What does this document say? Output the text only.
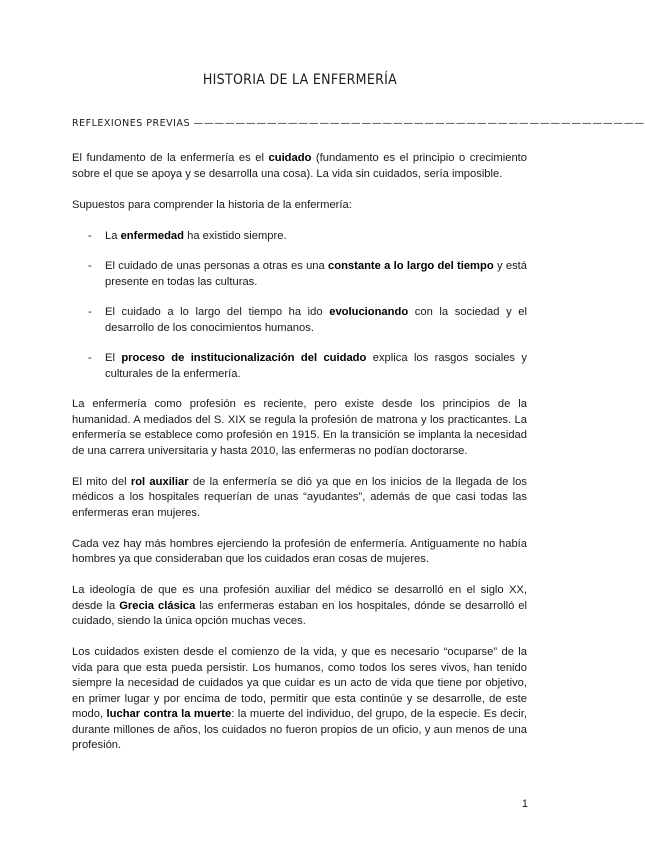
HISTORIA DE LA ENFERMERÍA
REFLEXIONES PREVIAS ———————————————————————————————————————————

El fundamento de la enfermería es el cuidado (fundamento es el principio o crecimiento sobre el que se apoya y se desarrolla una cosa). La vida sin cuidados, sería imposible.

Supuestos para comprender la historia de la enfermería:

- La enfermedad ha existido siempre.
- El cuidado de unas personas a otras es una constante a lo largo del tiempo y está presente en todas las culturas.
- El cuidado a lo largo del tiempo ha ido evolucionando con la sociedad y el desarrollo de los conocimientos humanos.
- El proceso de institucionalización del cuidado explica los rasgos sociales y culturales de la enfermería.

La enfermería como profesión es reciente, pero existe desde los principios de la humanidad. A mediados del S. XIX se regula la profesión de matrona y los practicantes. La enfermería se establece como profesión en 1915. En la transición se implanta la necesidad de una carrera universitaria y hasta 2010, las enfermeras no podían doctorarse.

El mito del rol auxiliar de la enfermería se dió ya que en los inicios de la llegada de los médicos a los hospitales requerían de unas “ayudantes”, además de que casi todas las enfermeras eran mujeres.

Cada vez hay más hombres ejerciendo la profesión de enfermería. Antiguamente no había hombres ya que consideraban que los cuidados eran cosas de mujeres.

La ideología de que es una profesión auxiliar del médico se desarrolló en el siglo XX, desde la Grecia clásica las enfermeras estaban en los hospitales, dónde se desarrolló el cuidado, siendo la única opción muchas veces.

Los cuidados existen desde el comienzo de la vida, y que es necesario “ocuparse” de la vida para que esta pueda persistir. Los humanos, como todos los seres vivos, han tenido siempre la necesidad de cuidados ya que cuidar es un acto de vida que tiene por objetivo, en primer lugar y por encima de todo, permitir que esta continúe y se desarrolle, de este modo, luchar contra la muerte: la muerte del individuo, del grupo, de la especie. Es decir, durante millones de años, los cuidados no fueron propios de un oficio, y aun menos de una profesión.

1
